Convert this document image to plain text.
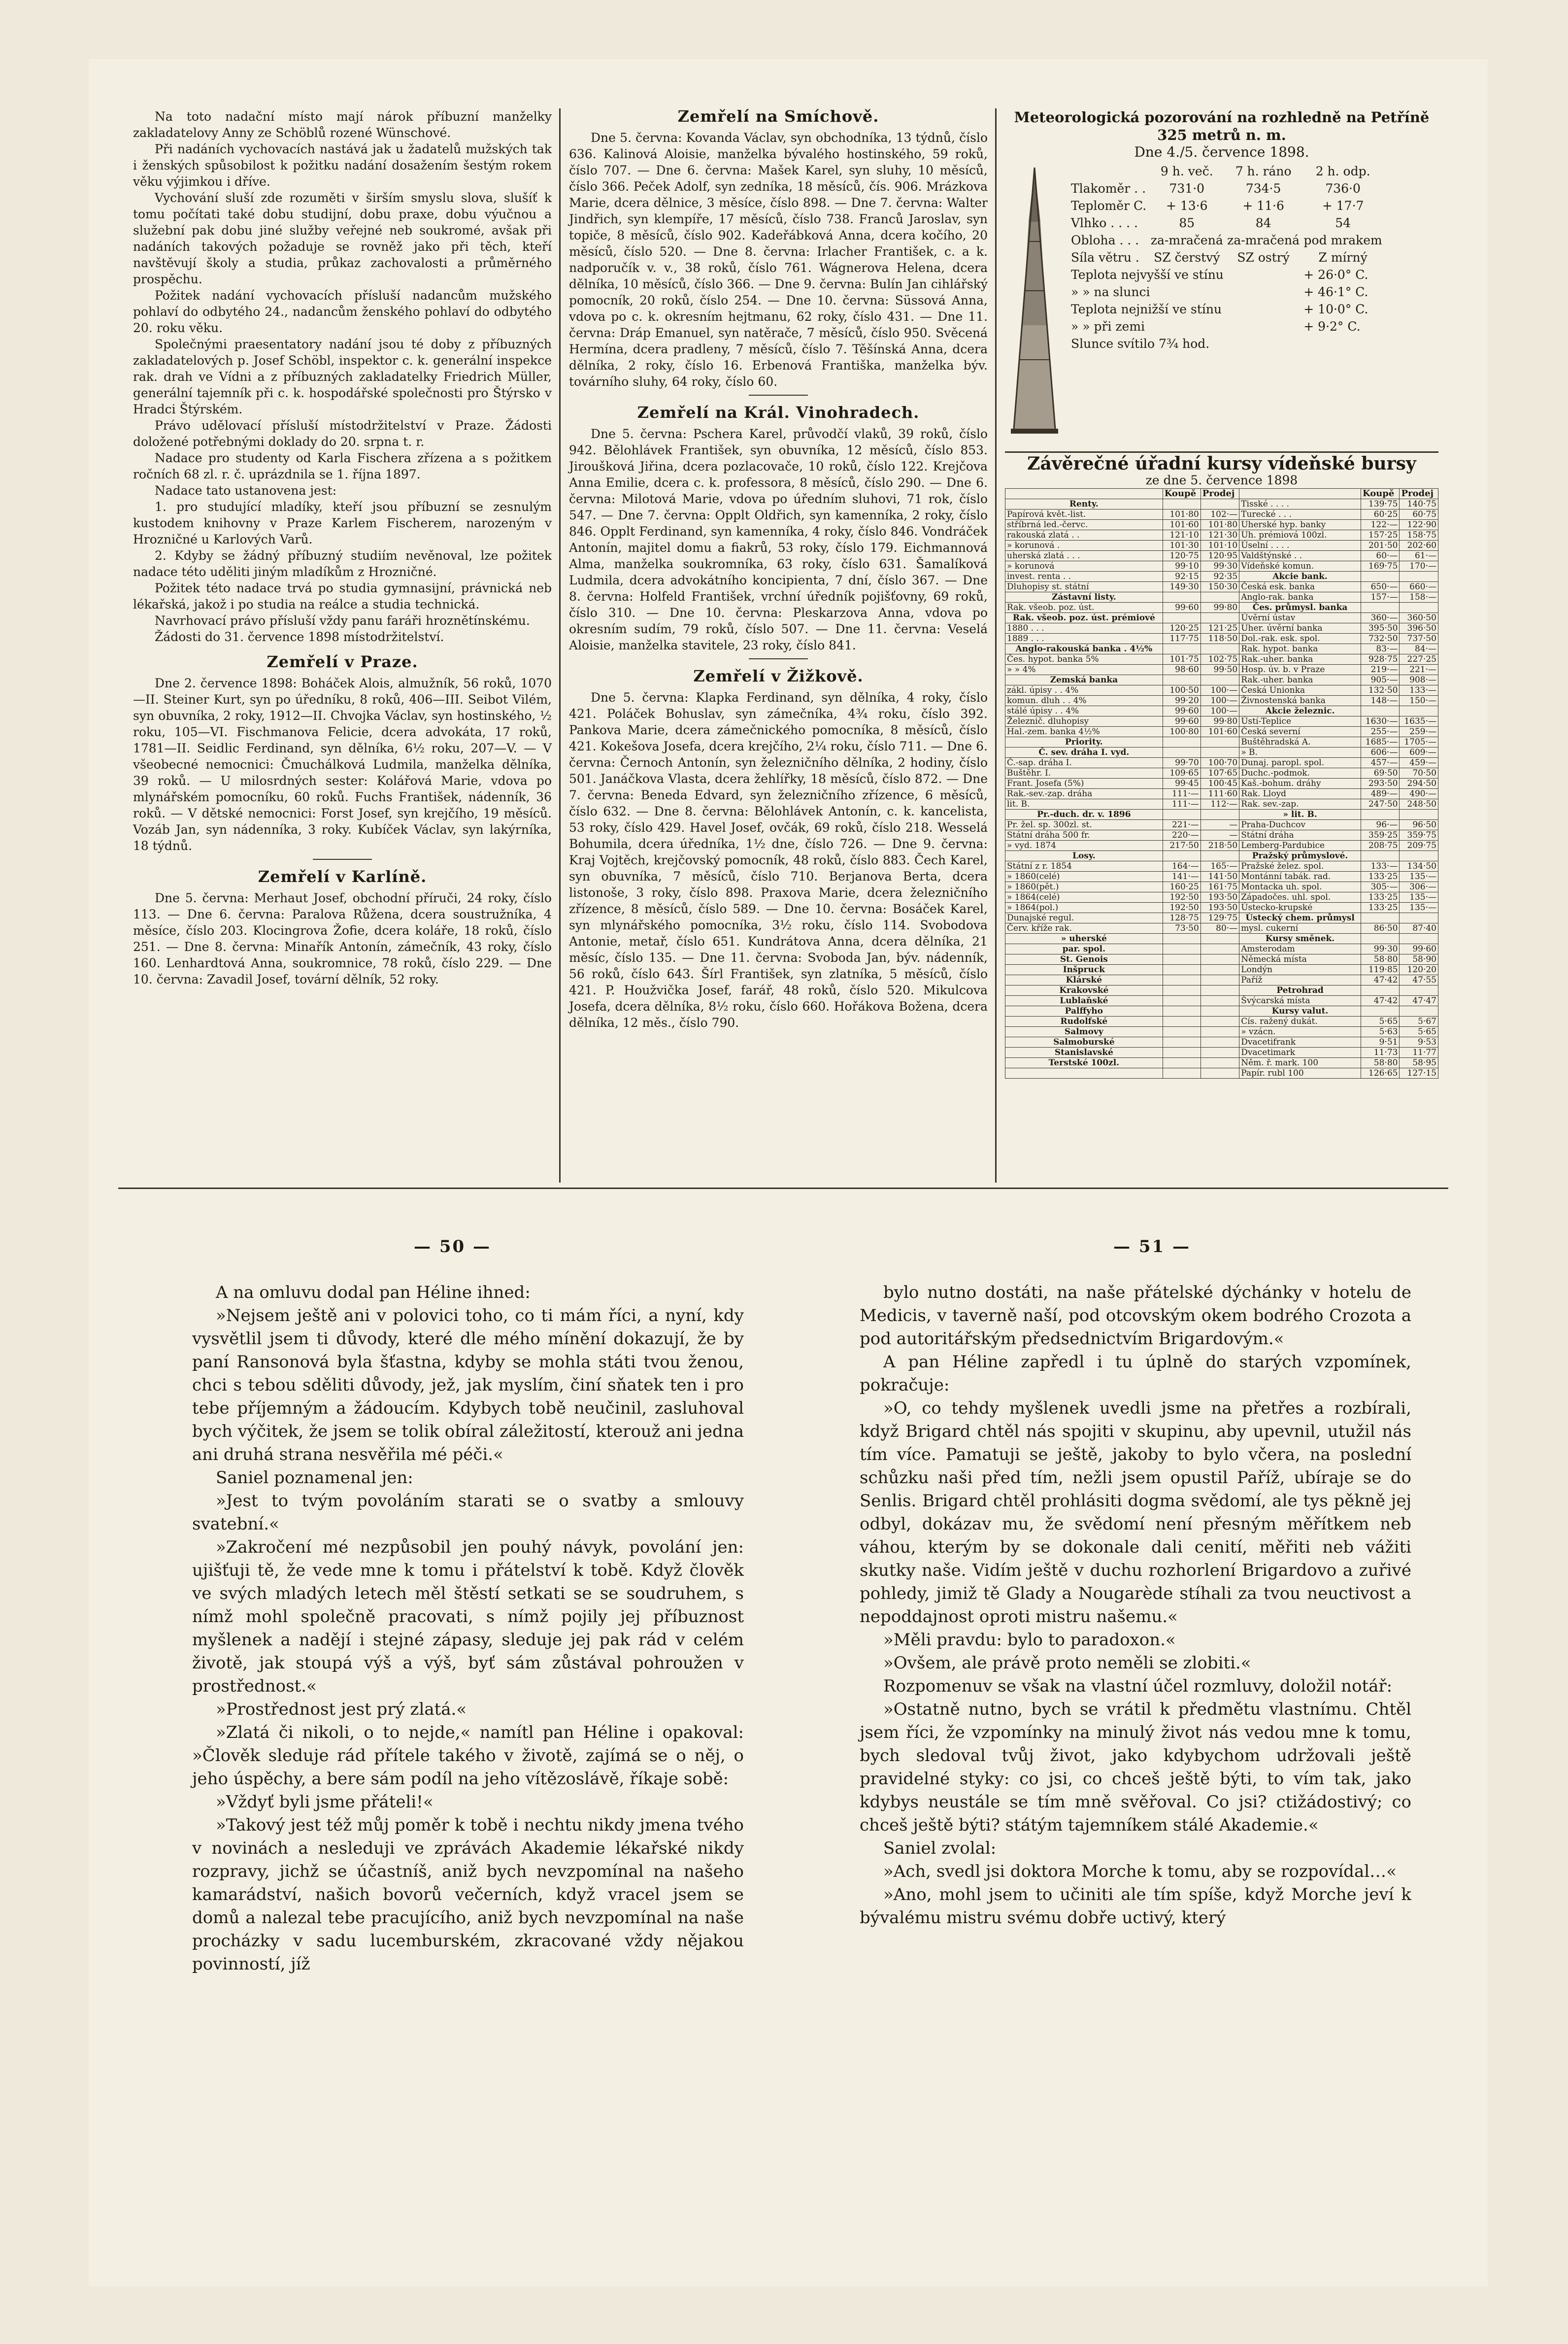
Na toto nadační místo mají nárok příbuzní manželky zakladatelovy Anny ze Schöblů rozené Wünschové.

Při nadáních vychovacích nastává jak u žadatelů mužských tak i ženských spůsobilost k požitku nadání dosažením šestým rokem věku výjimkou i dříve.

Vychování sluší zde rozuměti v širším smyslu slova, slušíť k tomu počítati také dobu studijní, dobu praxe, dobu výučnou a služební pak dobu jiné služby veřejné neb soukromé, avšak při nadáních takových požaduje se rovněž jako při těch, kteří navštěvují školy a studia, průkaz zachovalosti a průměrného prospěchu.

Požitek nadání vychovacích přísluší nadancům mužského pohlaví do odbytého 24., nadancům ženského pohlaví do odbytého 20. roku věku.

Společnými praesentatory nadání jsou té doby z příbuzných zakladatelových p. Josef Schöbl, inspektor c. k. generální inspekce rak. drah ve Vídni a z příbuzných zakladatelky Friedrich Müller, generální tajemník při c. k. hospodářské společnosti pro Štýrsko v Hradci Štýrském.

Právo udělovací přísluší místodržitelství v Praze. Žádosti doložené potřebnými doklady do 20. srpna t. r.

Nadace pro studenty od Karla Fischera zřízena a s požitkem ročních 68 zl. r. č. uprázdnila se 1. října 1897.

Nadace tato ustanovena jest:

1. pro studující mladíky, kteří jsou příbuzní se zesnulým kustodem knihovny v Praze Karlem Fischerem, narozeným v Hrozničné u Karlových Varů.

2. Kdyby se žádný příbuzný studiím nevěnoval, lze požitek nadace této uděliti jiným mladíkům z Hrozničné.

Požitek této nadace trvá po studia gymnasijní, právnická neb lékařská, jakož i po studia na reálce a studia technická.

Navrhovací právo přísluší vždy panu faráři hroznětínskému.

Žádosti do 31. července 1898 místodržitelství.

Zemřelí v Praze.

Dne 2. července 1898: Boháček Alois, almužník, 56 roků, 1070—II. Steiner Kurt, syn po úředníku, 8 roků, 406—III. Seibot Vilém, syn obuvníka, 2 roky, 1912—II. Chvojka Václav, syn hostinského, ½ roku, 105—VI. Fischmanova Felicie, dcera advokáta, 17 roků, 1781—II. Seidlic Ferdinand, syn dělníka, 6½ roku, 207—V. — V všeobecné nemocnici: Čmuchálková Ludmila, manželka dělníka, 39 roků. — U milosrdných sester: Kolářová Marie, vdova po mlynářském pomocníku, 60 roků. Fuchs František, nádenník, 36 roků. — V dětské nemocnici: Forst Josef, syn krejčího, 19 měsíců. Vozáb Jan, syn nádenníka, 3 roky. Kubíček Václav, syn lakýrníka, 18 týdnů.

Zemřelí v Karlíně.

Dne 5. června: Merhaut Josef, obchodní příruči, 24 roky, číslo 113. — Dne 6. června: Paralova Růžena, dcera soustružníka, 4 měsíce, číslo 203. Klocingrova Žofie, dcera koláře, 18 roků, číslo 251. — Dne 8. června: Minařík Antonín, zámečník, 43 roky, číslo 160. Lenhardtová Anna, soukromnice, 78 roků, číslo 229. — Dne 10. června: Zavadil Josef, tovární dělník, 52 roky.

Zemřelí na Smíchově.

Dne 5. června: Kovanda Václav, syn obchodníka, 13 týdnů, číslo 636. Kalinová Aloisie, manželka bývalého hostinského, 59 roků, číslo 707. — Dne 6. června: Mašek Karel, syn sluhy, 10 měsíců, číslo 366. Peček Adolf, syn zedníka, 18 měsíců, čís. 906. Mrázkova Marie, dcera dělnice, 3 měsíce, číslo 898. — Dne 7. června: Walter Jindřich, syn klempíře, 17 měsíců, číslo 738. Franců Jaroslav, syn topiče, 8 měsíců, číslo 902. Kadeřábková Anna, dcera kočího, 20 měsíců, číslo 520. — Dne 8. června: Irlacher František, c. a k. nadporučík v. v., 38 roků, číslo 761. Wágnerova Helena, dcera dělníka, 10 měsíců, číslo 366. — Dne 9. června: Bulín Jan cihlářský pomocník, 20 roků, číslo 254. — Dne 10. června: Süssová Anna, vdova po c. k. okresním hejtmanu, 62 roky, číslo 431. — Dne 11. června: Dráp Emanuel, syn natěrače, 7 měsíců, číslo 950. Svěcená Hermína, dcera pradleny, 7 měsíců, číslo 7. Těšínská Anna, dcera dělníka, 2 roky, číslo 16. Erbenová Františka, manželka býv. továrního sluhy, 64 roky, číslo 60.

Zemřelí na Král. Vinohradech.

Dne 5. června: Pschera Karel, průvodčí vlaků, 39 roků, číslo 942. Bělohlávek František, syn obuvníka, 12 měsíců, číslo 853. Jiroušková Jiřina, dcera pozlacovače, 10 roků, číslo 122. Krejčova Anna Emilie, dcera c. k. professora, 8 měsíců, číslo 290. — Dne 6. června: Milotová Marie, vdova po úředním sluhovi, 71 rok, číslo 547. — Dne 7. června: Opplt Oldřich, syn kamenníka, 2 roky, číslo 846. Opplt Ferdinand, syn kamenníka, 4 roky, číslo 846. Vondráček Antonín, majitel domu a fiakrů, 53 roky, číslo 179. Eichmannová Alma, manželka soukromníka, 63 roky, číslo 631. Šamalíková Ludmila, dcera advokátního koncipienta, 7 dní, číslo 367. — Dne 8. června: Holfeld František, vrchní úředník pojišťovny, 69 roků, číslo 310. — Dne 10. června: Pleskarzova Anna, vdova po okresním sudím, 79 roků, číslo 507. — Dne 11. června: Veselá Aloisie, manželka stavitele, 23 roky, číslo 841.

Zemřelí v Žižkově.

Dne 5. června: Klapka Ferdinand, syn dělníka, 4 roky, číslo 421. Poláček Bohuslav, syn zámečníka, 4¾ roku, číslo 392. Pankova Marie, dcera zámečnického pomocníka, 8 měsíců, číslo 421. Kokešova Josefa, dcera krejčího, 2¼ roku, číslo 711. — Dne 6. června: Černoch Antonín, syn železničního dělníka, 2 hodiny, číslo 501. Janáčkova Vlasta, dcera žehlířky, 18 měsíců, číslo 872. — Dne 7. června: Beneda Edvard, syn železničního zřízence, 6 měsíců, číslo 632. — Dne 8. června: Bělohlávek Antonín, c. k. kancelista, 53 roky, číslo 429. Havel Josef, ovčák, 69 roků, číslo 218. Wesselá Bohumila, dcera úředníka, 1½ dne, číslo 726. — Dne 9. června: Kraj Vojtěch, krejčovský pomocník, 48 roků, číslo 883. Čech Karel, syn obuvníka, 7 měsíců, číslo 710. Berjanova Berta, dcera listonoše, 3 roky, číslo 898. Praxova Marie, dcera železničního zřízence, 8 měsíců, číslo 589. — Dne 10. června: Bosáček Karel, syn mlynářského pomocníka, 3½ roku, číslo 114. Svobodova Antonie, metař, číslo 651. Kundrátova Anna, dcera dělníka, 21 měsíc, číslo 135. — Dne 11. června: Svoboda Jan, býv. nádenník, 56 roků, číslo 643. Šírl František, syn zlatníka, 5 měsíců, číslo 421. P. Houžvička Josef, farář, 48 roků, číslo 520. Mikulcova Josefa, dcera dělníka, 8½ roku, číslo 660. Hořákova Božena, dcera dělníka, 12 měs., číslo 790.

Meteorologická pozorování na rozhledně na Petříně 325 metrů n. m.

Dne 4./5. července 1898.

	9 h. več.	7 h. ráno	2 h. odp.
Tlakoměr . .	731·0	734·5	736·0
Teploměr C.	+ 13·6	+ 11·6	+ 17·7
Vlhko . . . .	85	84	54
Obloha . . .	za-mračená	za-mračená	pod mrakem
Síla větru .	SZ čerstvý	SZ ostrý	Z mírný
Teplota nejvyšší ve stínu			+ 26·0° C.
» » na slunci			+ 46·1° C.
Teplota nejnižší ve stínu			+ 10·0° C.
» » při zemi			+ 9·2° C.
Slunce svítilo 7¾ hod.			

Závěrečné úřadní kursy vídeňské bursy

ze dne 5. července 1898

	Koupě	Prodej		Koupě	Prodej
Renty.			Tisské . . . .	139·75	140·75
Papírová květ.-list.	101·80	102·—	Turecké . . .	60·25	60·75
stříbrná led.-červc.	101·60	101·80	Uherské hyp. banky	122·—	122·90
rakouská zlatá . .	121·10	121·30	Uh. prémiová 100zl.	157·25	158·75
» korunová .	101·30	101·10	Úselní . . . .	201·50	202·60
uherská zlatá . . .	120·75	120·95	Valdštýnské . .	60·—	61·—
» korunová	99·10	99·30	Vídeňské komun.	169·75	170·—
invest. renta . .	92·15	92·35	Akcie bank.		
Dluhopisy st. státní	149·30	150·30	Česká esk. banka	650·—	660·—
Zástavní listy.			Anglo-rak. banka	157·—	158·—
Rak. všeob. poz. úst.	99·60	99·80	Čes. průmysl. banka		
Rak. všeob. poz. úst. prémiové			Úvěrní ústav	360·—	360·50
1880 . . .	120·25	121·25	Uher. úvěrní banka	395·50	396·50
1889 . . .	117·75	118·50	Dol.-rak. esk. spol.	732·50	737·50
Anglo-rakouská banka . 4½%			Rak. hypot. banka	83·—	84·—
Čes. hypot. banka 5%	101·75	102·75	Rak.-uher. banka	928·75	227·25
» » 4%	98·60	99·50	Hosp. úv. b. v Praze	219·—	221·—
Zemská banka			Rak.-uher. banka	905·—	908·—
zákl. úpisy . . 4%	100·50	100·—	Česká Unionka	132·50	133·—
komun. dluh . . 4%	99·20	100·—	Živnostenská banka	148·—	150·—
stálé úpisy . . 4%	99·60	100·—	Akcie železnic.		
Železnič. dluhopisy	99·60	99·80	Ústí-Teplice	1630·—	1635·—
Hal.-zem. banka 4½%	100·80	101·60	Česká severní	255·—	259·—
Priority.			Buštěhradská A.	1685·—	1705·—
Č. sev. dráha I. vyd.			» B.	606·—	609·—
Č.-sap. dráha I.	99·70	100·70	Dunaj. paropl. spol.	457·—	459·—
Buštěhr. I.	109·65	107·65	Duchc.-podmok.	69·50	70·50
Frant. Josefa (5%)	99·45	100·45	Kaš.-bohum. dráhy	293·50	294·50
Rak.-sev.-zap. dráha	111·—	111·60	Rak. Lloyd	489·—	490·—
lit. B.	111·—	112·—	Rak. sev.-zap.	247·50	248·50
Pr.-duch. dr. v. 1896			» lit. B.		
Pr. žel. sp. 300zl. st.	221·—	—	Praha-Duchcov	96·—	96·50
Státní dráha 500 fr.	220·—	—	Státní dráha	359·25	359·75
» vyd. 1874	217·50	218·50	Lemberg-Pardubice	208·75	209·75
Losy.			Pražský průmyslové.		
Státní z r. 1854	164·—	165·—	Pražské želez. spol.	133·—	134·50
» 1860(celé)	141·—	141·50	Montánní tabák. rad.	133·25	135·—
» 1860(pět.)	160·25	161·75	Montacka uh. spol.	305·—	306·—
» 1864(celé)	192·50	193·50	Západočes. uhl. spol.	133·25	135·—
» 1864(pol.)	192·50	193·50	Ústecko-krupské	133·25	135·—
Dunajské regul.	128·75	129·75	Ústecký chem. průmysl		
Červ. kříže rak.	73·50	80·—	mysl. cukerní	86·50	87·40
» uherské			Kursy směnek.		
par. spol.			Amsterodam	99·30	99·60
St. Genois			Německá místa	58·80	58·90
Inšpruck			Londýn	119·85	120·20
Klárské			Paříž	47·42	47·55
Krakovské			Petrohrad		
Lublaňské			Švýcarská místa	47·42	47·47
Palffyho			Kursy valut.		
Rudolfské			Cís. ražený dukát.	5·65	5·67
Salmovy			» vzácn.	5·63	5·65
Salmoburské			Dvacetifrank	9·51	9·53
Stanislavské			Dvacetimark	11·73	11·77
Terstské 100zl.			Něm. ř. mark. 100	58·80	58·95
			Papír. rubl 100	126·65	127·15
— 50 —	— 51 —

A na omluvu dodal pan Héline ihned:

»Nejsem ještě ani v polovici toho, co ti mám říci, a nyní, kdy vysvětlil jsem ti důvody, které dle mého mínění dokazují, že by paní Ransonová byla šťastna, kdyby se mohla státi tvou ženou, chci s tebou sděliti důvody, jež, jak myslím, činí sňatek ten i pro tebe příjemným a žádoucím. Kdybych tobě neučinil, zasluhoval bych výčitek, že jsem se tolik obíral záležitostí, kterouž ani jedna ani druhá strana nesvěřila mé péči.«

Saniel poznamenal jen:

»Jest to tvým povoláním starati se o svatby a smlouvy svatební.«

»Zakročení mé nezpůsobil jen pouhý návyk, povolání jen: ujišťuji tě, že vede mne k tomu i přátelství k tobě. Když člověk ve svých mladých letech měl štěstí setkati se se soudruhem, s nímž mohl společně pracovati, s nímž pojily jej příbuznost myšlenek a nadějí i stejné zápasy, sleduje jej pak rád v celém životě, jak stoupá výš a výš, byť sám zůstával pohroužen v prostřednost.«

»Prostřednost jest prý zlatá.«

»Zlatá či nikoli, o to nejde,« namítl pan Héline i opakoval: »Člověk sleduje rád přítele takého v životě, zajímá se o něj, o jeho úspěchy, a bere sám podíl na jeho vítězoslávě, říkaje sobě:

»Vždyť byli jsme přáteli!«

»Takový jest též můj poměr k tobě i nechtu nikdy jmena tvého v novinách a nesleduji ve zprávách Akademie lékařské nikdy rozpravy, jichž se účastníš, aniž bych nevzpomínal na našeho kamarádství, našich bovorů večerních, když vracel jsem se domů a nalezal tebe pracujícího, aniž bych nevzpomínal na naše procházky v sadu lucemburském, zkracované vždy nějakou povinností, jíž

bylo nutno dostáti, na naše přátelské dýchánky v hotelu de Medicis, v taverně naší, pod otcovským okem bodrého Crozota a pod autoritářským předsednictvím Brigardovým.«

A pan Héline zapředl i tu úplně do starých vzpomínek, pokračuje:

»O, co tehdy myšlenek uvedli jsme na přetřes a rozbírali, když Brigard chtěl nás spojiti v skupinu, aby upevnil, utužil nás tím více. Pamatuji se ještě, jakoby to bylo včera, na poslední schůzku naši před tím, nežli jsem opustil Paříž, ubíraje se do Senlis. Brigard chtěl prohlásiti dogma svědomí, ale tys pěkně jej odbyl, dokázav mu, že svědomí není přesným měřítkem neb váhou, kterým by se dokonale dali cenití, měřiti neb vážiti skutky naše. Vidím ještě v duchu rozhorlení Brigardovo a zuřivé pohledy, jimiž tě Glady a Nougarède stíhali za tvou neuctivost a nepoddajnost oproti mistru našemu.«

»Měli pravdu: bylo to paradoxon.«

»Ovšem, ale právě proto neměli se zlobiti.«

Rozpomenuv se však na vlastní účel rozmluvy, doložil notář:

»Ostatně nutno, bych se vrátil k předmětu vlastnímu. Chtěl jsem říci, že vzpomínky na minulý život nás vedou mne k tomu, bych sledoval tvůj život, jako kdybychom udržovali ještě pravidelné styky: co jsi, co chceš ještě býti, to vím tak, jako kdybys neustále se tím mně svěřoval. Co jsi? ctižádostivý; co chceš ještě býti? státým tajemníkem stálé Akademie.«

Saniel zvolal:

»Ach, svedl jsi doktora Morche k tomu, aby se rozpovídal…«

»Ano, mohl jsem to učiniti ale tím spíše, když Morche jeví k bývalému mistru svému dobře uctivý, který
